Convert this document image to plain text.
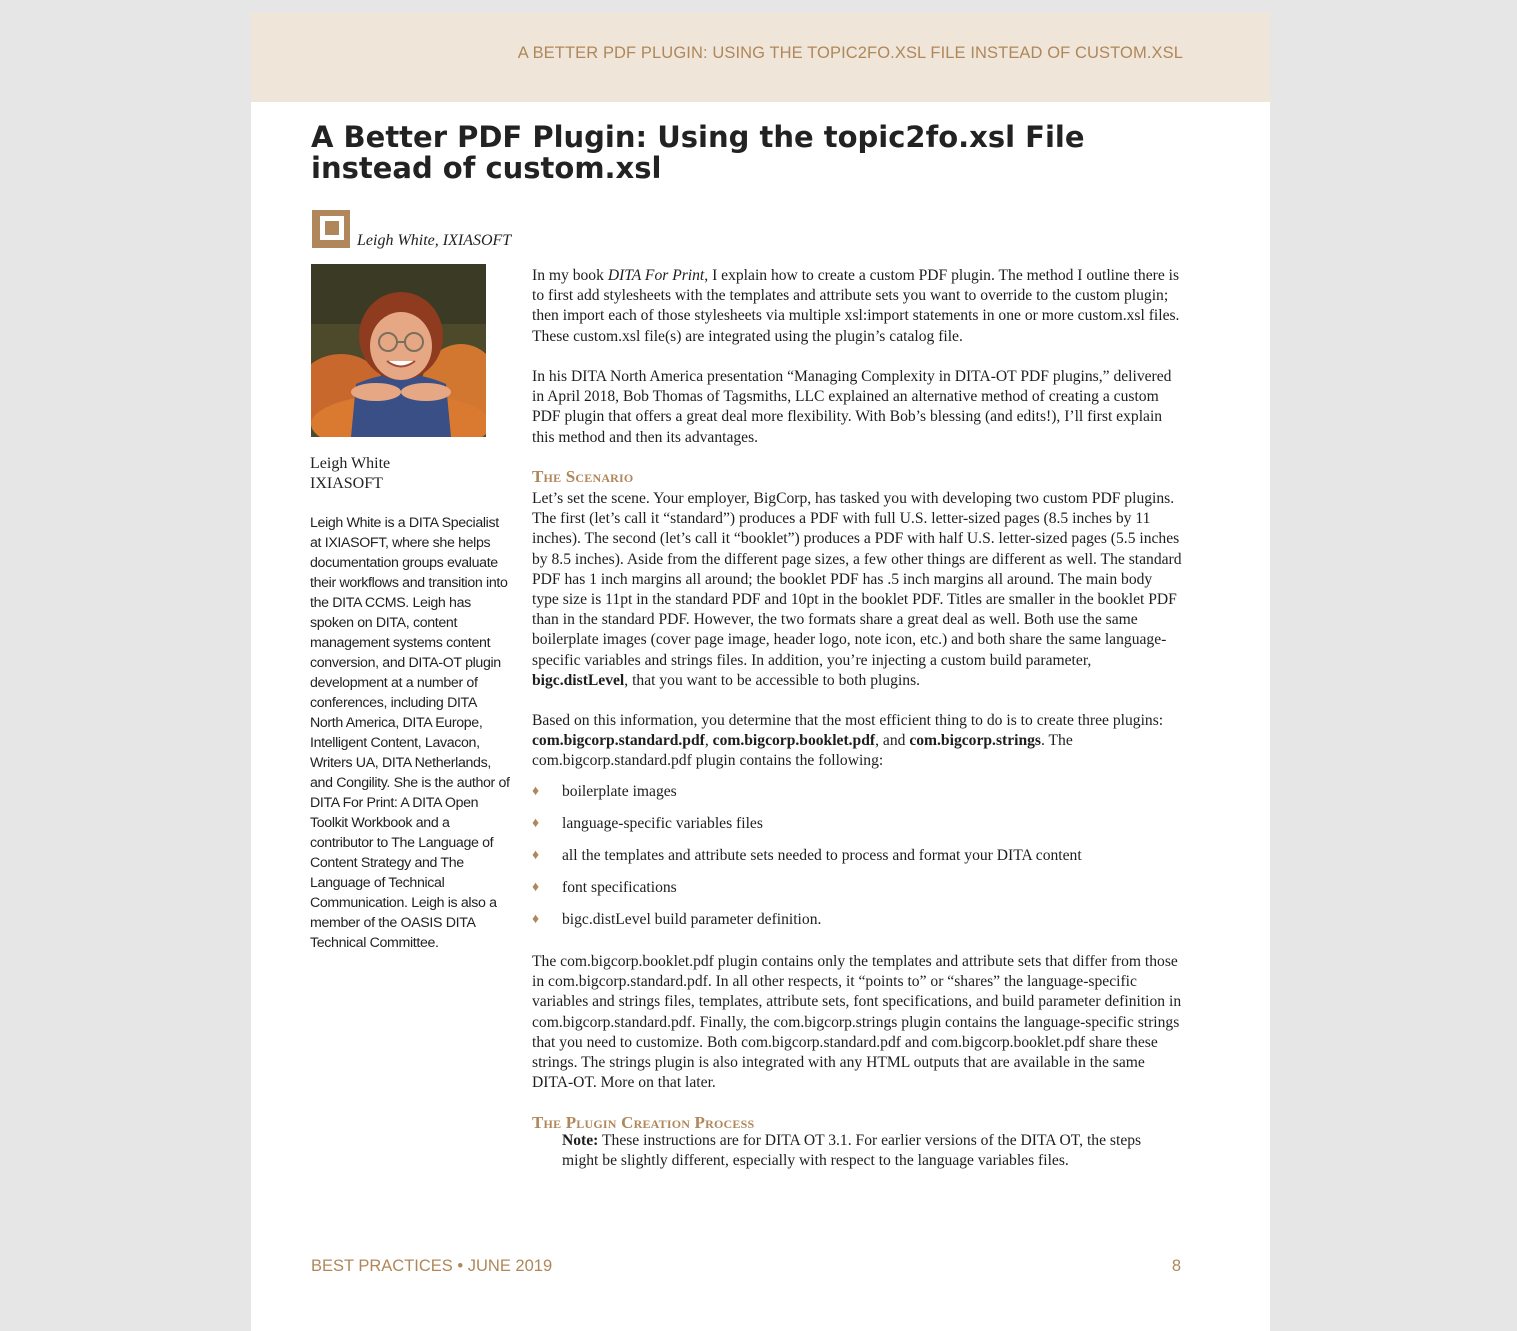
A BETTER PDF PLUGIN: USING THE TOPIC2FO.XSL FILE INSTEAD OF CUSTOM.XSL
A Better PDF Plugin: Using the topic2fo.xsl File instead of custom.xsl
Leigh White, IXIASOFT
Leigh White
IXIASOFT

Leigh White is a DITA Specialist at IXIASOFT, where she helps documentation groups evaluate their workflows and transition into the DITA CCMS. Leigh has spoken on DITA, content management systems content conversion, and DITA-OT plugin development at a number of conferences, including DITA North America, DITA Europe, Intelligent Content, Lavacon, Writers UA, DITA Netherlands, and Congility. She is the author of DITA For Print: A DITA Open Toolkit Workbook and a contributor to The Language of Content Strategy and The Language of Technical Communication. Leigh is also a member of the OASIS DITA Technical Committee.

In my book DITA For Print, I explain how to create a custom PDF plugin. The method I outline there is to first add stylesheets with the templates and attribute sets you want to override to the custom plugin; then import each of those stylesheets via multiple xsl:import statements in one or more custom.xsl files. These custom.xsl file(s) are integrated using the plugin’s catalog file.

In his DITA North America presentation “Managing Complexity in DITA-OT PDF plugins,” delivered in April 2018, Bob Thomas of Tagsmiths, LLC explained an alternative method of creating a custom PDF plugin that offers a great deal more flexibility. With Bob’s blessing (and edits!), I’ll first explain this method and then its advantages.

The Scenario

Let’s set the scene. Your employer, BigCorp, has tasked you with developing two custom PDF plugins. The first (let’s call it “standard”) produces a PDF with full U.S. letter-sized pages (8.5 inches by 11 inches). The second (let’s call it “booklet”) produces a PDF with half U.S. letter-sized pages (5.5 inches by 8.5 inches). Aside from the different page sizes, a few other things are different as well. The standard PDF has 1 inch margins all around; the booklet PDF has .5 inch margins all around. The main body type size is 11pt in the standard PDF and 10pt in the booklet PDF. Titles are smaller in the booklet PDF than in the standard PDF. However, the two formats share a great deal as well. Both use the same boilerplate images (cover page image, header logo, note icon, etc.) and both share the same language-specific variables and strings files. In addition, you’re injecting a custom build parameter, bigc.distLevel, that you want to be accessible to both plugins.

Based on this information, you determine that the most efficient thing to do is to create three plugins: com.bigcorp.standard.pdf, com.bigcorp.booklet.pdf, and com.bigcorp.strings. The com.bigcorp.standard.pdf plugin contains the following:

♦ boilerplate images
♦ language-specific variables files
♦ all the templates and attribute sets needed to process and format your DITA content
♦ font specifications
♦ bigc.distLevel build parameter definition.

The com.bigcorp.booklet.pdf plugin contains only the templates and attribute sets that differ from those in com.bigcorp.standard.pdf. In all other respects, it “points to” or “shares” the language-specific variables and strings files, templates, attribute sets, font specifications, and build parameter definition in com.bigcorp.standard.pdf. Finally, the com.bigcorp.strings plugin contains the language-specific strings that you need to customize. Both com.bigcorp.standard.pdf and com.bigcorp.booklet.pdf share these strings. The strings plugin is also integrated with any HTML outputs that are available in the same DITA-OT. More on that later.

The Plugin Creation Process

Note: These instructions are for DITA OT 3.1. For earlier versions of the DITA OT, the steps might be slightly different, especially with respect to the language variables files.

BEST PRACTICES • JUNE 2019	8
